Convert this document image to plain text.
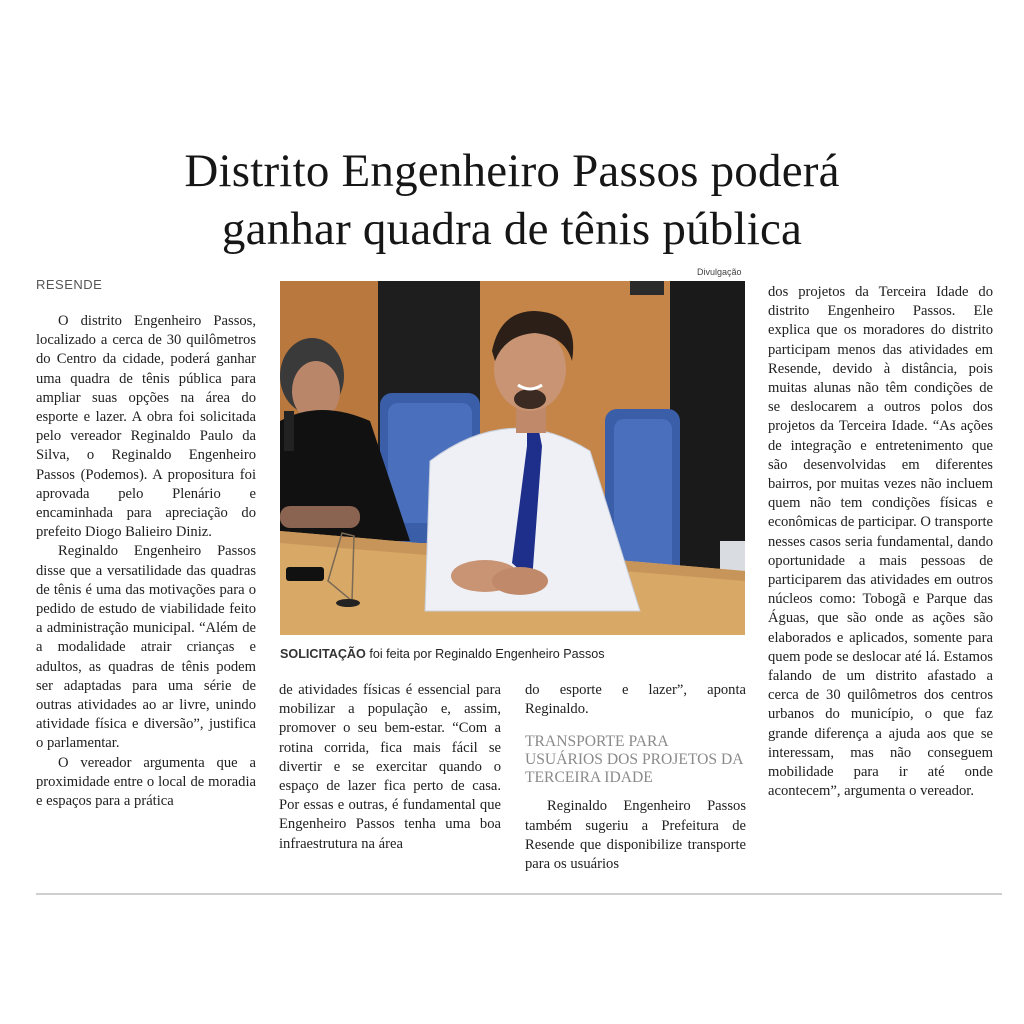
Distrito Engenheiro Passos poderá
ganhar quadra de tênis pública
RESENDE
Divulgação
SOLICITAÇÃO foi feita por Reginaldo Engenheiro Passos

O distrito Engenheiro Passos, localizado a cerca de 30 quilômetros do Centro da cidade, poderá ganhar uma quadra de tênis pública para ampliar suas opções na área do esporte e lazer. A obra foi solicitada pelo vereador Reginaldo Paulo da Silva, o Reginaldo Engenheiro Passos (Podemos). A propositura foi aprovada pelo Plenário e encaminhada para apreciação do prefeito Diogo Balieiro Diniz.

Reginaldo Engenheiro Passos disse que a versatilidade das quadras de tênis é uma das motivações para o pedido de estudo de viabilidade feito a administração municipal. “Além de a modalidade atrair crianças e adultos, as quadras de tênis podem ser adaptadas para uma série de outras atividades ao ar livre, unindo atividade física e diversão”, justifica o parlamentar.

O vereador argumenta que a proximidade entre o local de moradia e espaços para a prática

de atividades físicas é essencial para mobilizar a população e, assim, promover o seu bem-estar. “Com a rotina corrida, fica mais fácil se divertir e se exercitar quando o espaço de lazer fica perto de casa. Por essas e outras, é fundamental que Engenheiro Passos tenha uma boa infraestrutura na área

do esporte e lazer”, aponta Reginaldo.

TRANSPORTE PARA USUÁRIOS DOS PROJETOS DA TERCEIRA IDADE

Reginaldo Engenheiro Passos também sugeriu a Prefeitura de Resende que disponibilize transporte para os usuários

dos projetos da Terceira Idade do distrito Engenheiro Passos. Ele explica que os moradores do distrito participam menos das atividades em Resende, devido à distância, pois muitas alunas não têm condições de se deslocarem a outros polos dos projetos da Terceira Idade. “As ações de integração e entretenimento que são desenvolvidas em diferentes bairros, por muitas vezes não incluem quem não tem condições físicas e econômicas de participar. O transporte nesses casos seria fundamental, dando oportunidade a mais pessoas de participarem das atividades em outros núcleos como: Tobogã e Parque das Águas, que são onde as ações são elaborados e aplicados, somente para quem pode se deslocar até lá. Estamos falando de um distrito afastado a cerca de 30 quilômetros dos centros urbanos do município, o que faz grande diferença a ajuda aos que se interessam, mas não conseguem mobilidade para ir até onde acontecem”, argumenta o vereador.
